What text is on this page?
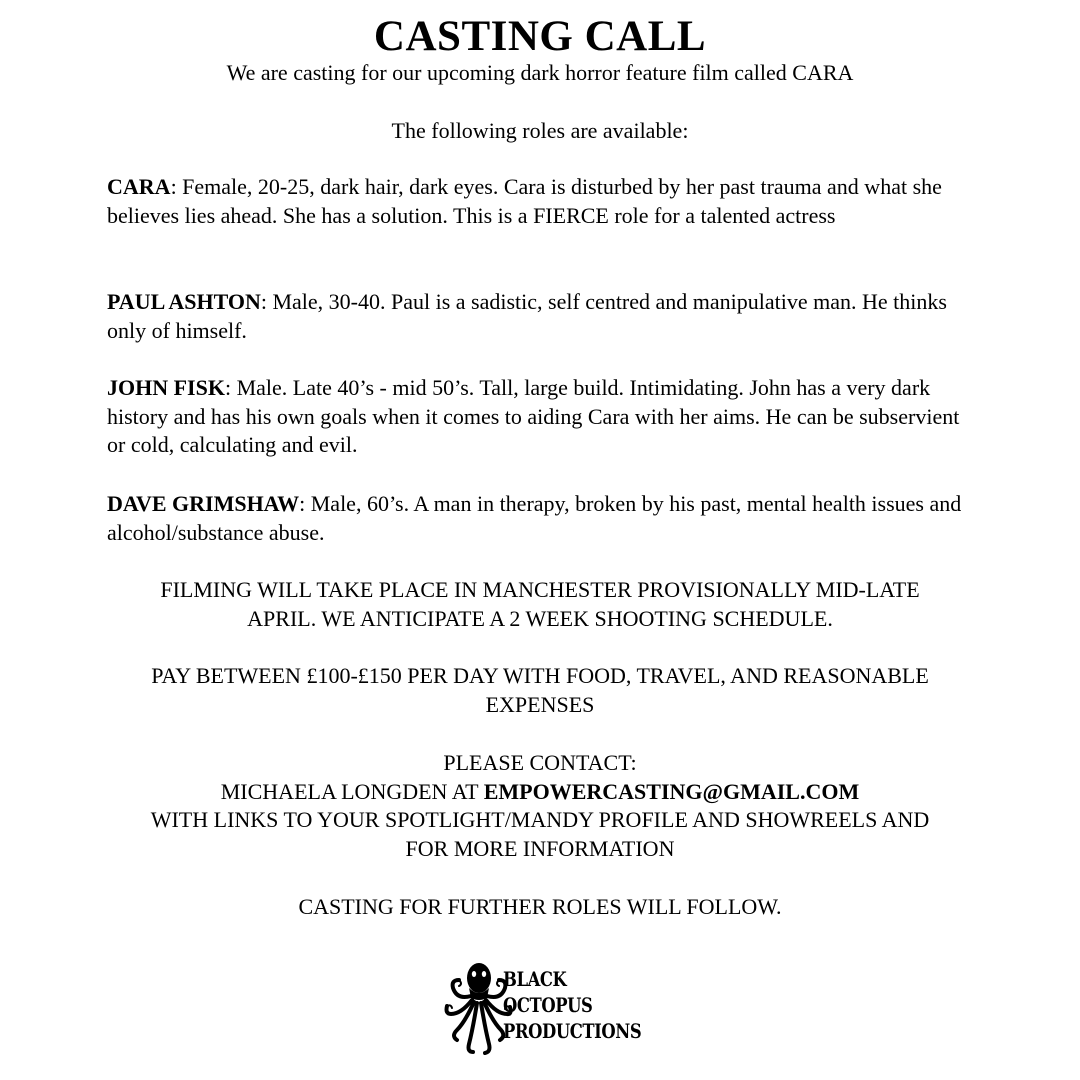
CASTING CALL
We are casting for our upcoming dark horror feature film called CARA
The following roles are available:
CARA: Female, 20-25, dark hair, dark eyes. Cara is disturbed by her past trauma and what she believes lies ahead. She has a solution. This is a FIERCE role for a talented actress
PAUL ASHTON: Male, 30-40. Paul is a sadistic, self centred and manipulative man. He thinks only of himself.
JOHN FISK: Male. Late 40’s - mid 50’s. Tall, large build. Intimidating. John has a very dark history and has his own goals when it comes to aiding Cara with her aims. He can be subservient or cold, calculating and evil.
DAVE GRIMSHAW: Male, 60’s. A man in therapy, broken by his past, mental health issues and alcohol/substance abuse.
FILMING WILL TAKE PLACE IN MANCHESTER PROVISIONALLY MID-LATE
APRIL. WE ANTICIPATE A 2 WEEK SHOOTING SCHEDULE.
PAY BETWEEN £100-£150 PER DAY WITH FOOD, TRAVEL, AND REASONABLE
EXPENSES
PLEASE CONTACT:
MICHAELA LONGDEN AT EMPOWERCASTING@GMAIL.COM
WITH LINKS TO YOUR SPOTLIGHT/MANDY PROFILE AND SHOWREELS AND
FOR MORE INFORMATION
CASTING FOR FURTHER ROLES WILL FOLLOW.
BLACK
OCTOPUS
PRODUCTIONS
